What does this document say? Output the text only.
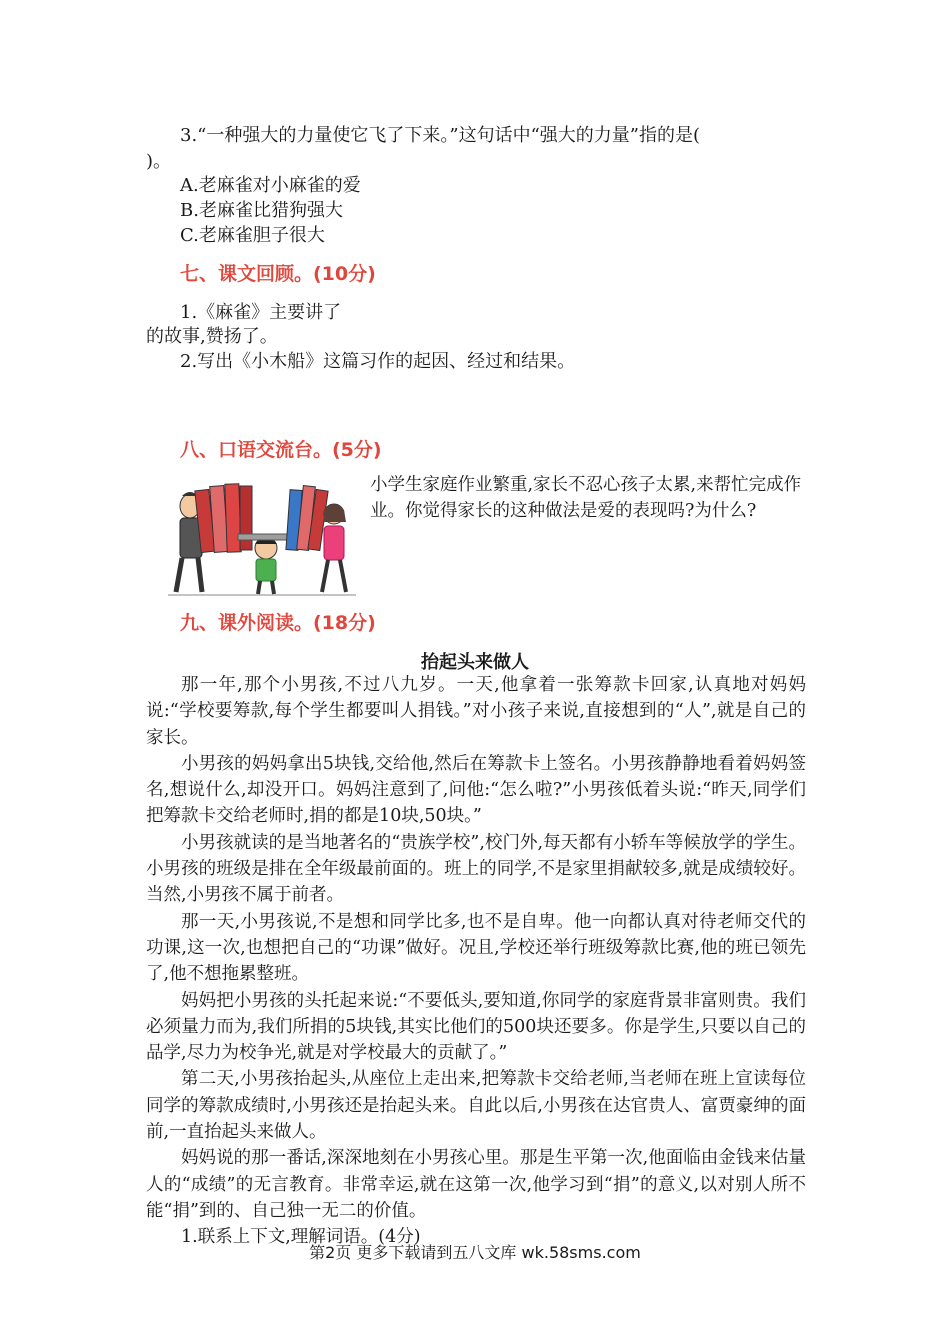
3.“一种强大的力量使它飞了下来。”这句话中“强大的力量”指的是(
)。
A.老麻雀对小麻雀的爱
B.老麻雀比猎狗强大
C.老麻雀胆子很大
七、课文回顾。(10分)
1.《麻雀》主要讲了
的故事,赞扬了。
2.写出《小木船》这篇习作的起因、经过和结果。
八、口语交流台。(5分)
小学生家庭作业繁重,家长不忍心孩子太累,来帮忙完成作业。你觉得家长的这种做法是爱的表现吗?为什么?
九、课外阅读。(18分)
抬起头来做人

那一年,那个小男孩,不过八九岁。一天,他拿着一张筹款卡回家,认真地对妈妈说:“学校要筹款,每个学生都要叫人捐钱。”对小孩子来说,直接想到的“人”,就是自己的家长。

小男孩的妈妈拿出5块钱,交给他,然后在筹款卡上签名。小男孩静静地看着妈妈签名,想说什么,却没开口。妈妈注意到了,问他:“怎么啦?”小男孩低着头说:“昨天,同学们把筹款卡交给老师时,捐的都是10块,50块。”

小男孩就读的是当地著名的“贵族学校”,校门外,每天都有小轿车等候放学的学生。小男孩的班级是排在全年级最前面的。班上的同学,不是家里捐献较多,就是成绩较好。当然,小男孩不属于前者。

那一天,小男孩说,不是想和同学比多,也不是自卑。他一向都认真对待老师交代的功课,这一次,也想把自己的“功课”做好。况且,学校还举行班级筹款比赛,他的班已领先了,他不想拖累整班。

妈妈把小男孩的头托起来说:“不要低头,要知道,你同学的家庭背景非富则贵。我们必须量力而为,我们所捐的5块钱,其实比他们的500块还要多。你是学生,只要以自己的品学,尽力为校争光,就是对学校最大的贡献了。”

第二天,小男孩抬起头,从座位上走出来,把筹款卡交给老师,当老师在班上宣读每位同学的筹款成绩时,小男孩还是抬起头来。自此以后,小男孩在达官贵人、富贾豪绅的面前,一直抬起头来做人。

妈妈说的那一番话,深深地刻在小男孩心里。那是生平第一次,他面临由金钱来估量人的“成绩”的无言教育。非常幸运,就在这第一次,他学习到“捐”的意义,以对别人所不能“捐”到的、自己独一无二的价值。

1.联系上下文,理解词语。(4分)

第2页 更多下载请到五八文库 wk.58sms.com
